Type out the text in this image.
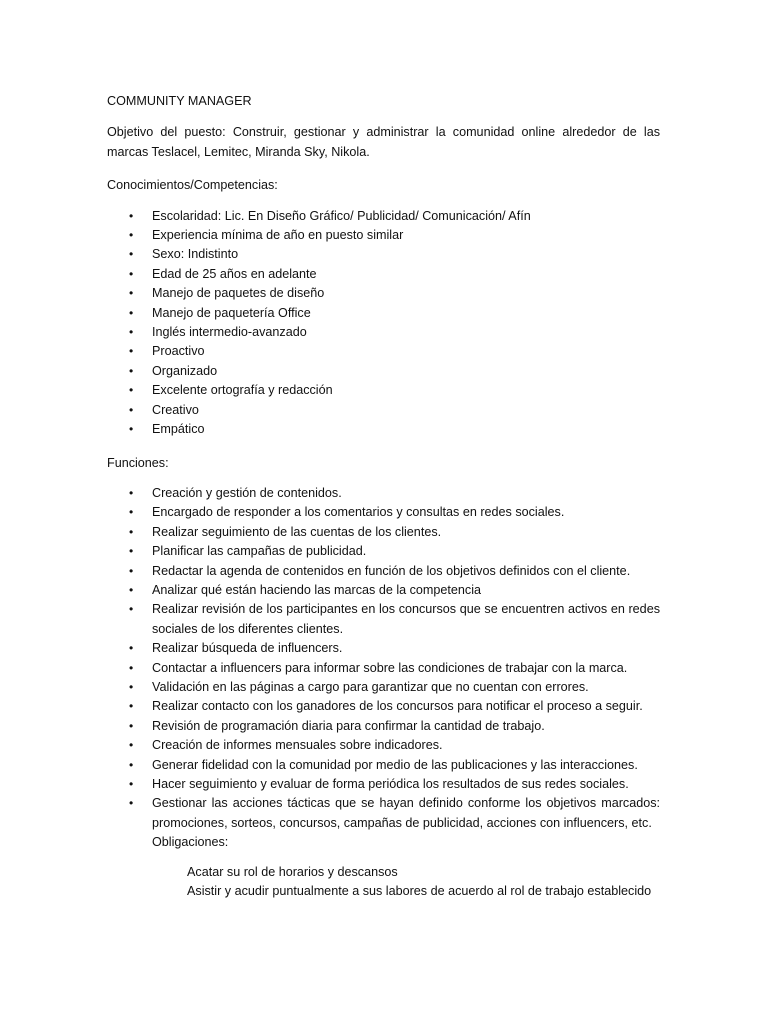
COMMUNITY MANAGER

Objetivo del puesto: Construir, gestionar y administrar la comunidad online alrededor de las marcas Teslacel, Lemitec, Miranda Sky, Nikola.

Conocimientos/Competencias:

• Escolaridad: Lic. En Diseño Gráfico/ Publicidad/ Comunicación/ Afín
• Experiencia mínima de año en puesto similar
• Sexo: Indistinto
• Edad de 25 años en adelante
• Manejo de paquetes de diseño
• Manejo de paquetería Office
• Inglés intermedio-avanzado
• Proactivo
• Organizado
• Excelente ortografía y redacción
• Creativo
• Empático

Funciones:

• Creación y gestión de contenidos.
• Encargado de responder a los comentarios y consultas en redes sociales.
• Realizar seguimiento de las cuentas de los clientes.
• Planificar las campañas de publicidad.
• Redactar la agenda de contenidos en función de los objetivos definidos con el cliente.
• Analizar qué están haciendo las marcas de la competencia
• Realizar revisión de los participantes en los concursos que se encuentren activos en redes sociales de los diferentes clientes.
• Realizar búsqueda de influencers.
• Contactar a influencers para informar sobre las condiciones de trabajar con la marca.
• Validación en las páginas a cargo para garantizar que no cuentan con errores.
• Realizar contacto con los ganadores de los concursos para notificar el proceso a seguir.
• Revisión de programación diaria para confirmar la cantidad de trabajo.
• Creación de informes mensuales sobre indicadores.
• Generar fidelidad con la comunidad por medio de las publicaciones y las interacciones.
• Hacer seguimiento y evaluar de forma periódica los resultados de sus redes sociales.
• Gestionar las acciones tácticas que se hayan definido conforme los objetivos marcados: promociones, sorteos, concursos, campañas de publicidad, acciones con influencers, etc.

Obligaciones:

Acatar su rol de horarios y descansos
Asistir y acudir puntualmente a sus labores de acuerdo al rol de trabajo establecido
